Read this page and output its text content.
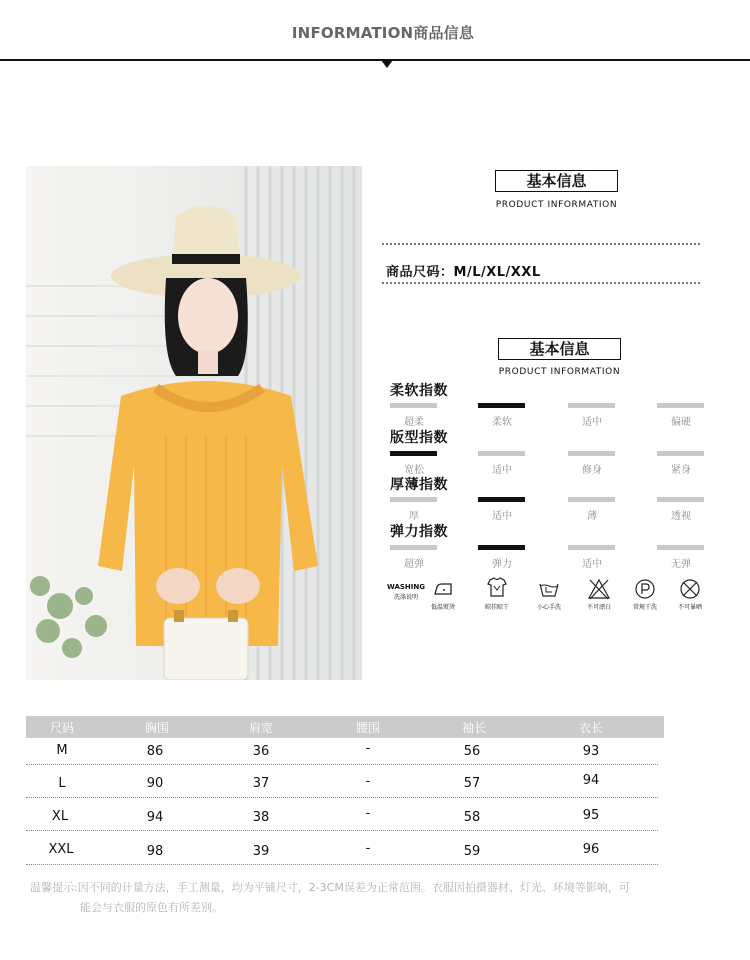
INFORMATION商品信息
基本信息
PRODUCT INFORMATION
商品尺码：M/L/XL/XXL
基本信息
PRODUCT INFORMATION
柔软指数
超柔	柔软	适中	偏硬
版型指数
宽松	适中	修身	紧身
厚薄指数
厚	适中	薄	透视
弹力指数
超弹	弹力	适中	无弹
WASHING
洗涤说明
低温熨烫	晾挂晾干	小心手洗	不可漂白	常规干洗	不可暴晒
尺码	胸围	肩宽	腰围	袖长	衣长
M	86	36	-	56	93
L	90	37	-	57	94
XL	94	38	-	58	95
XXL	98	39	-	59	96
温馨提示:因不同的计量方法，手工测量，均为平铺尺寸，2-3CM误差为正常范围。衣服因拍摄器材、灯光、环境等影响，可
能会与衣服的原色有所差别。
